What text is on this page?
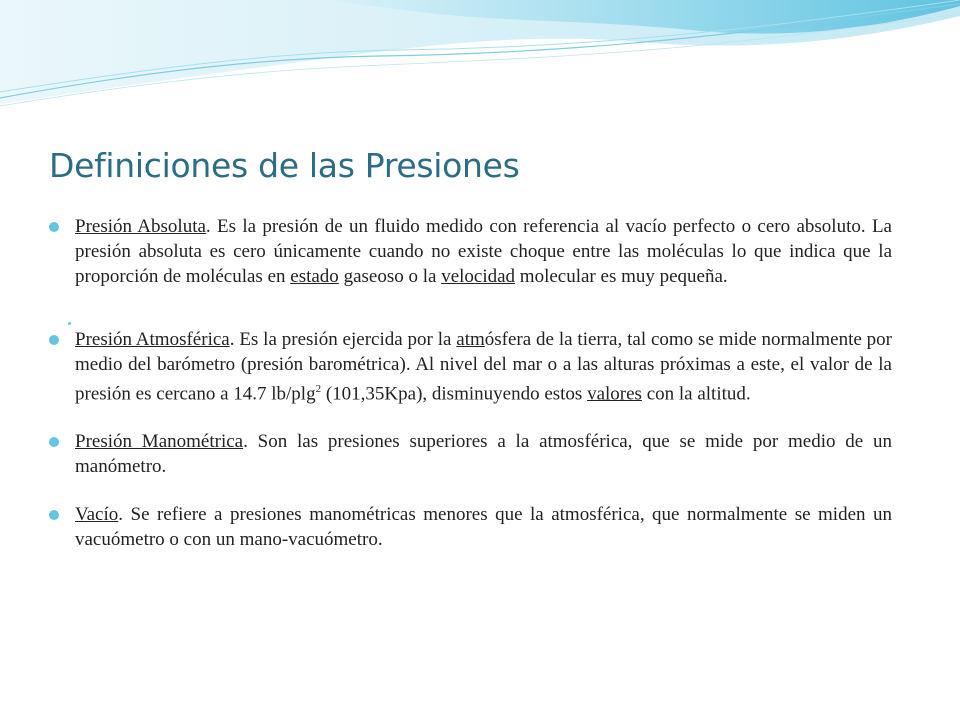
Definiciones de las Presiones
Presión Absoluta. Es la presión de un fluido medido con referencia al vacío perfecto o cero absoluto. La presión absoluta es cero únicamente cuando no existe choque entre las moléculas lo que indica que la proporción de moléculas en estado gaseoso o la velocidad molecular es muy pequeña.
Presión Atmosférica. Es la presión ejercida por la atmósfera de la tierra, tal como se mide normalmente por medio del barómetro (presión barométrica). Al nivel del mar o a las alturas próximas a este, el valor de la presión es cercano a 14.7 lb/plg$^2$ (101,35Kpa), disminuyendo estos valores con la altitud.
Presión Manométrica. Son las presiones superiores a la atmosférica, que se mide por medio de un manómetro.
Vacío. Se refiere a presiones manométricas menores que la atmosférica, que normalmente se miden un vacuómetro o con un mano-vacuómetro.
